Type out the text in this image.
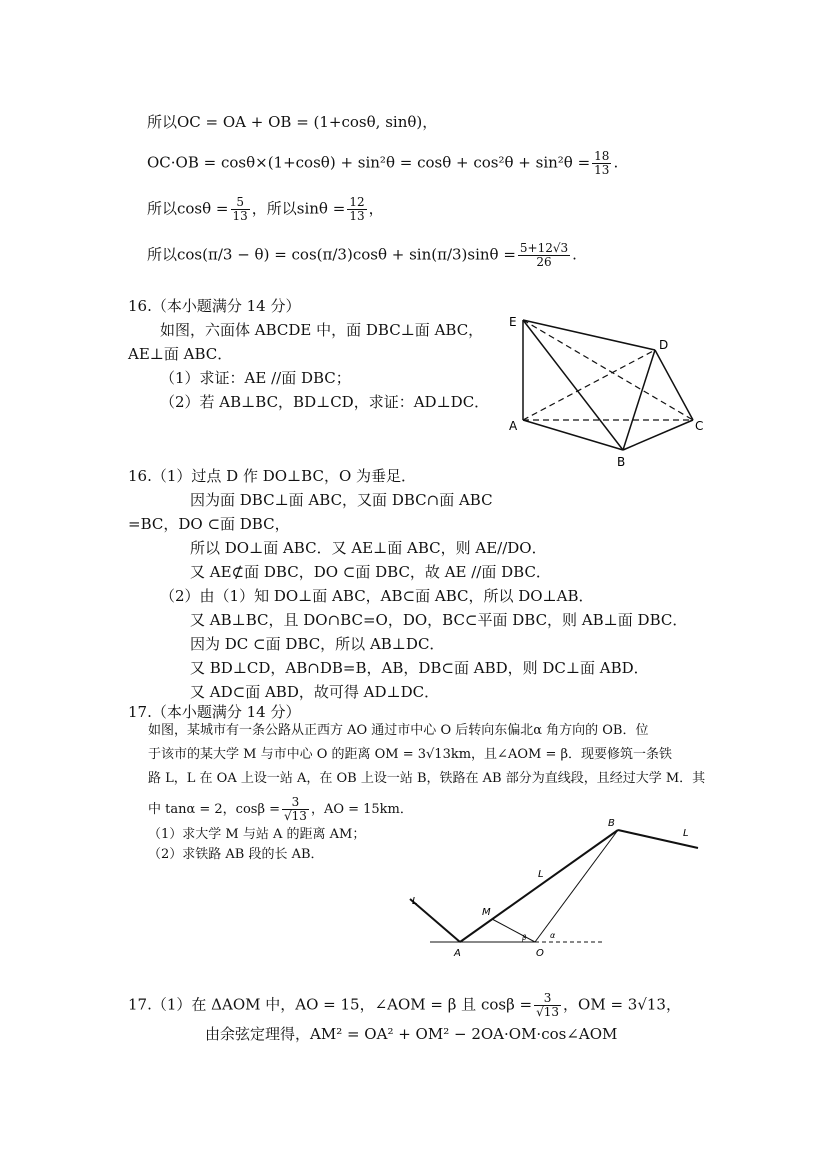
所以OC = OA + OB = (1+cosθ, sinθ)，
$OC\cdot OB = \cos\theta\times(1+\cos\theta) + \sin^2\theta = \cos\theta + \cos^2\theta + \sin^2\theta = \frac{18}{13}$ .
所以$\cos\theta = \frac{5}{13}$ ，所以$\sin\theta = \frac{12}{13}$ ，
所以$\cos(\pi/3 - \theta) = \cos(\pi/3)\cos\theta + \sin(\pi/3)\sin\theta = \frac{5+12√3}{26}$ .
16.（本小题满分 14 分）
如图，六面体 ABCDE 中，面 DBC⊥面 ABC，
AE⊥面 ABC．
（1）求证：AE //面 DBC；
（2）若 AB⊥BC，BD⊥CD，求证：AD⊥DC．
E
D
A	C
B
16.（1）过点 D 作 DO⊥BC，O 为垂足．
因为面 DBC⊥面 ABC，又面 DBC∩面 ABC
=BC，DO ⊂面 DBC，
所以 DO⊥面 ABC．又 AE⊥面 ABC，则 AE//DO．
又 AE⊄面 DBC，DO ⊂面 DBC，故 AE //面 DBC．
（2）由（1）知 DO⊥面 ABC，AB⊂面 ABC，所以 DO⊥AB．
又 AB⊥BC，且 DO∩BC=O，DO，BC⊂平面 DBC，则 AB⊥面 DBC．
因为 DC ⊂面 DBC，所以 AB⊥DC．
又 BD⊥CD，AB∩DB=B，AB，DB⊂面 ABD，则 DC⊥面 ABD．
又 AD⊂面 ABD，故可得 AD⊥DC．
17.（本小题满分 14 分）
如图，某城市有一条公路从正西方 AO 通过市中心 O 后转向东偏北α 角方向的 OB．位
于该市的某大学 M 与市中心 O 的距离 OM = 3√13km，且∠AOM = β．现要修筑一条铁
路 L，L 在 OA 上设一站 A，在 OB 上设一站 B，铁路在 AB 部分为直线段，且经过大学 M．其
中 tanα = 2，$\cos\beta = \frac{3}{√13}$ ，AO = 15km．
（1）求大学 M 与站 A 的距离 AM；
（2）求铁路 AB 段的长 AB．
B
L
L
L
M
A	O
β	α
17.（1）在 ΔAOM 中，AO = 15，∠AOM = β 且 $\cos\beta = \frac{3}{√13}$ ，OM = 3√13，
由余弦定理得，AM² = OA² + OM² − 2OA·OM·cos∠AOM
